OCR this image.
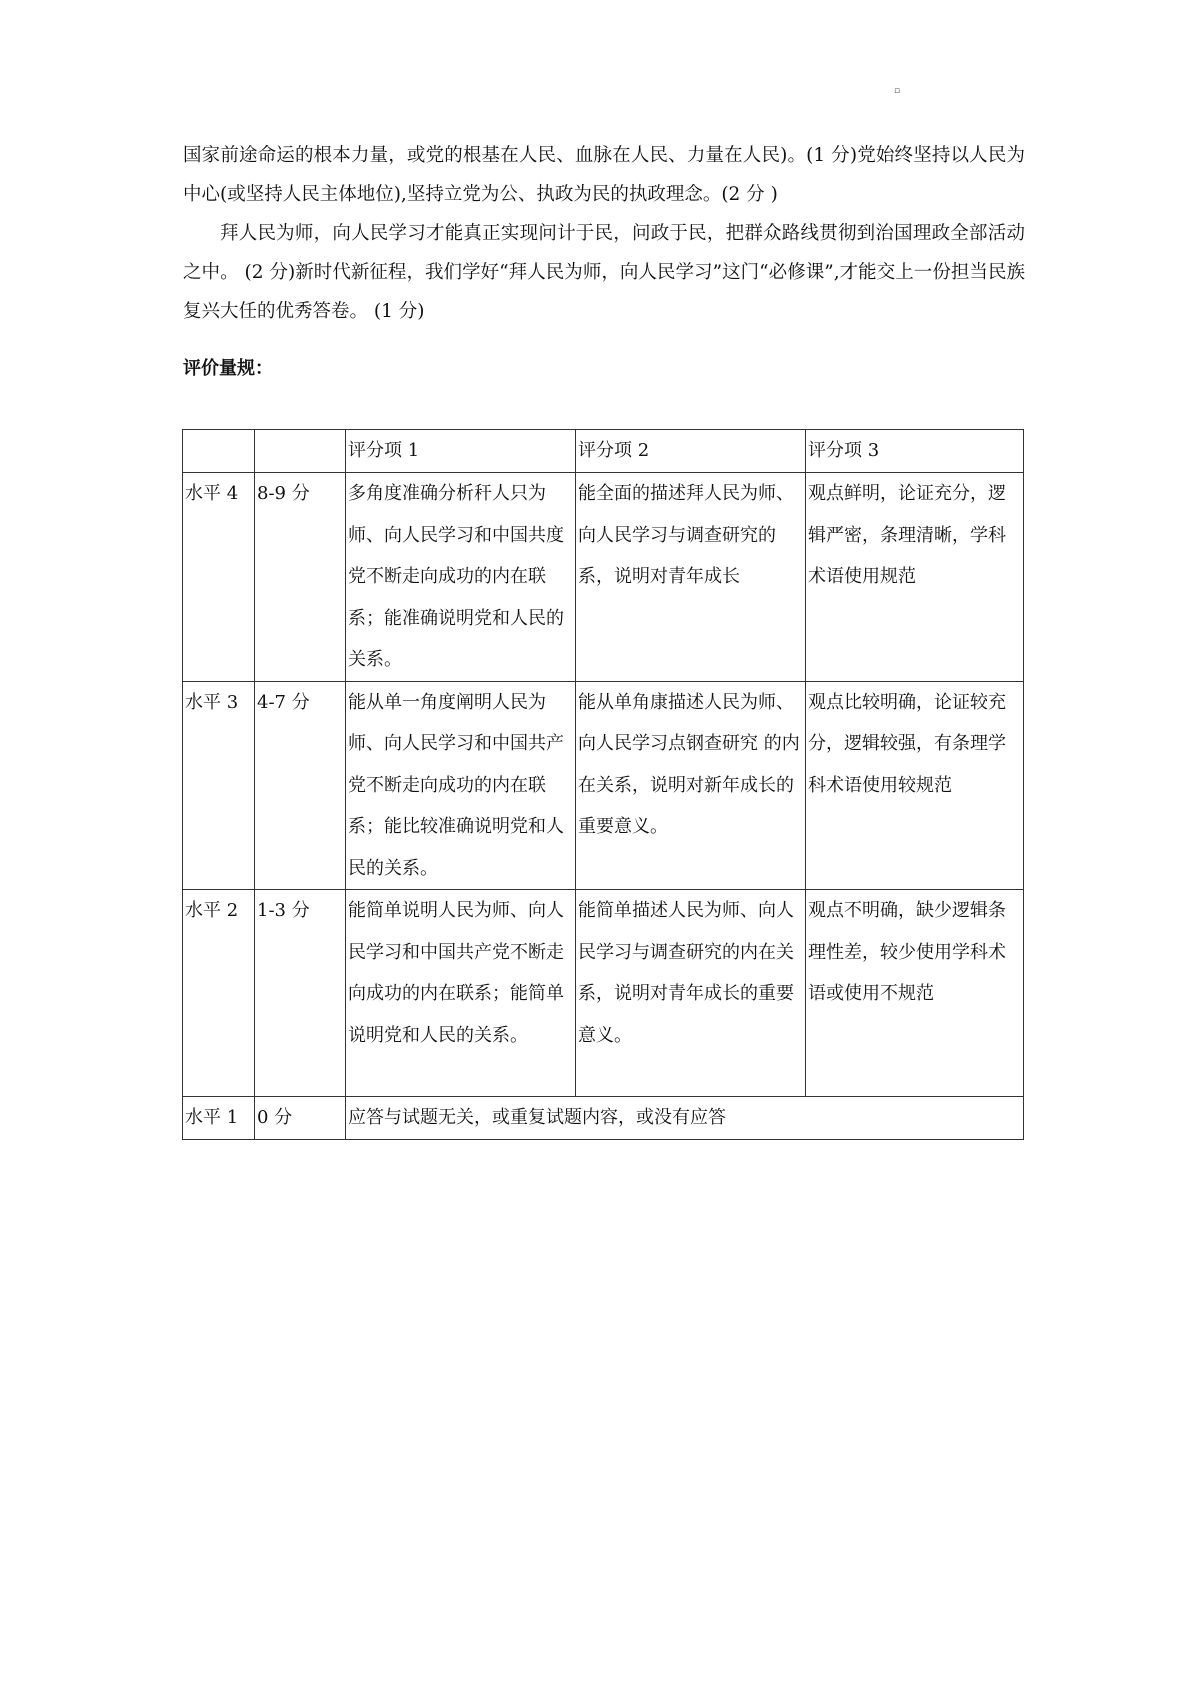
▫

国家前途命运的根本力量，或党的根基在人民、血脉在人民、力量在人民)。(1 分)党始终坚持以人民为中心(或坚持人民主体地位),坚持立党为公、执政为民的执政理念。(2 分 )

拜人民为师，向人民学习才能真正实现问计于民，问政于民，把群众路线贯彻到治国理政全部活动之中。 (2 分)新时代新征程，我们学好“拜人民为师，向人民学习”这门“必修课”,才能交上一份担当民族复兴大任的优秀答卷。 (1 分)

评价量规：
		评分项 1	评分项 2	评分项 3
水平 4	8-9 分	多角度准确分析秆人只为师、向人民学习和中国共度党不断走向成功的内在联系；能准确说明党和人民的关系。	能全面的描述拜人民为师、向人民学习与调查研究的系，说明对青年成长	观点鲜明，论证充分，逻辑严密，条理清晰，学科术语使用规范
水平 3	4-7 分	能从单一角度阐明人民为师、向人民学习和中国共产党不断走向成功的内在联系；能比较准确说明党和人民的关系。	能从单角康描述人民为师、向人民学习点钢查研究 的内在关系，说明对新年成长的重要意义。	观点比较明确，论证较充分，逻辑较强，有条理学科术语使用较规范
水平 2	1-3 分	能简单说明人民为师、向人民学习和中国共产党不断走向成功的内在联系；能简单说明党和人民的关系。	能简单描述人民为师、向人民学习与调查研究的内在关系，说明对青年成长的重要意义。	观点不明确，缺少逻辑条理性差，较少使用学科术语或使用不规范
水平 1	0 分	应答与试题无关，或重复试题内容，或没有应答		
